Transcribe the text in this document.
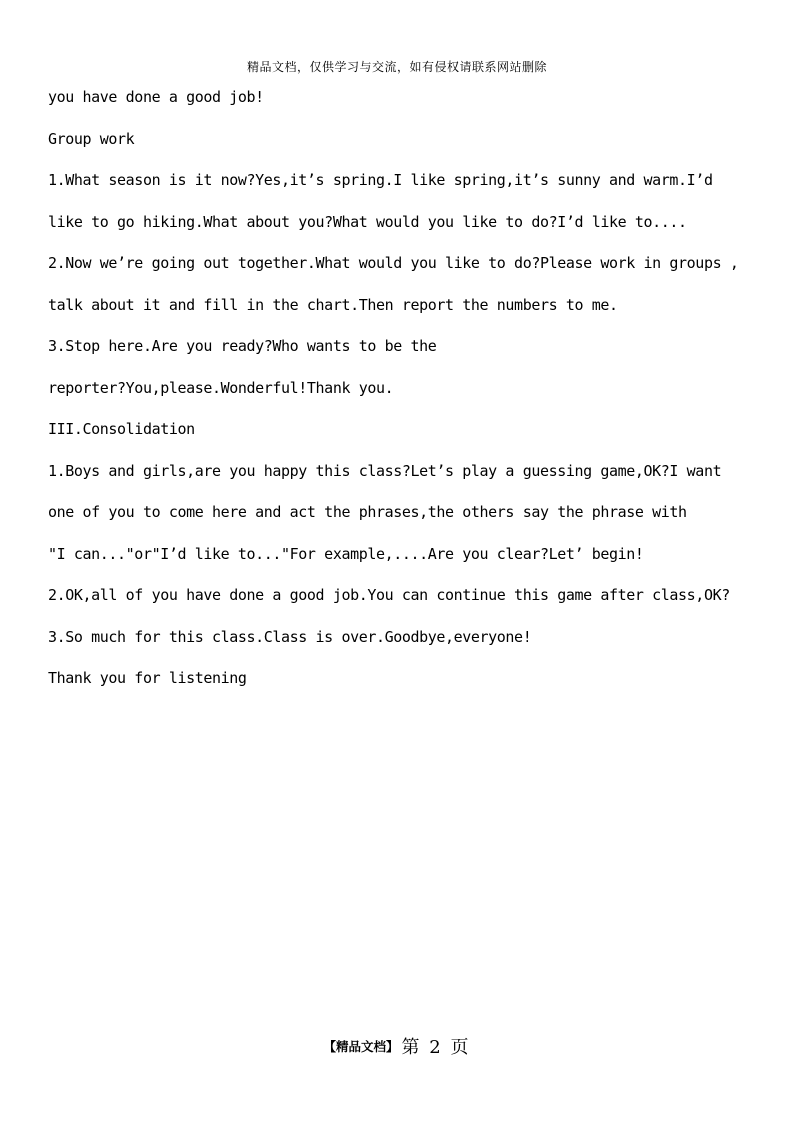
精品文档，仅供学习与交流，如有侵权请联系网站删除
you have done a good job!
Group work
1.What season is it now?Yes,it’s spring.I like spring,it’s sunny and warm.I’d
like to go hiking.What about you?What would you like to do?I’d like to....
2.Now we’re going out together.What would you like to do?Please work in groups ,
talk about it and fill in the chart.Then report the numbers to me.
3.Stop here.Are you ready?Who wants to be the
reporter?You,please.Wonderful!Thank you.
III.Consolidation
1.Boys and girls,are you happy this class?Let’s play a guessing game,OK?I want
one of you to come here and act the phrases,the others say the phrase with
"I can..."or"I’d like to..."For example,....Are you clear?Let’ begin!
2.OK,all of you have done a good job.You can continue this game after class,OK?
3.So much for this class.Class is over.Goodbye,everyone!
Thank you for listening
【精品文档】 第 2 页
